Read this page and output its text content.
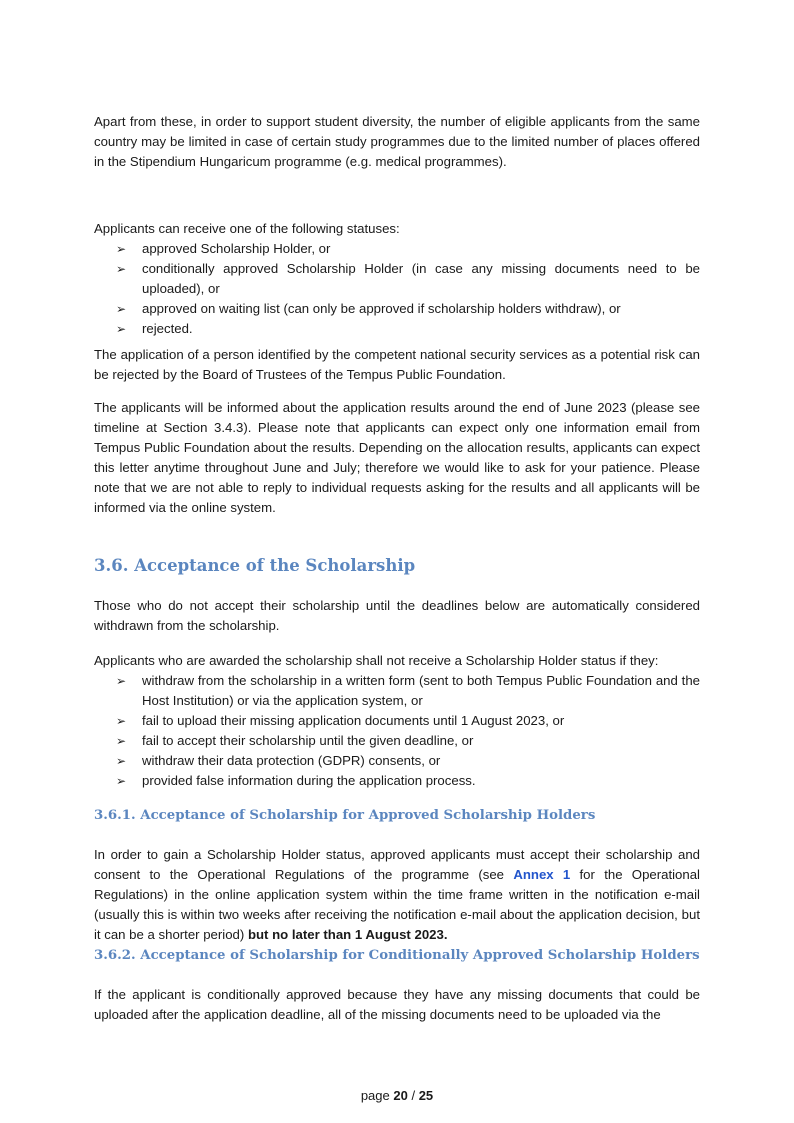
Apart from these, in order to support student diversity, the number of eligible applicants from the same country may be limited in case of certain study programmes due to the limited number of places offered in the Stipendium Hungaricum programme (e.g. medical programmes).

Applicants can receive one of the following statuses:

➢ approved Scholarship Holder, or
➢ conditionally approved Scholarship Holder (in case any missing documents need to be uploaded), or
➢ approved on waiting list (can only be approved if scholarship holders withdraw), or
➢ rejected.

The application of a person identified by the competent national security services as a potential risk can be rejected by the Board of Trustees of the Tempus Public Foundation.

The applicants will be informed about the application results around the end of June 2023 (please see timeline at Section 3.4.3). Please note that applicants can expect only one information email from Tempus Public Foundation about the results. Depending on the allocation results, applicants can expect this letter anytime throughout June and July; therefore we would like to ask for your patience. Please note that we are not able to reply to individual requests asking for the results and all applicants will be informed via the online system.

3.6. Acceptance of the Scholarship

Those who do not accept their scholarship until the deadlines below are automatically considered withdrawn from the scholarship.

Applicants who are awarded the scholarship shall not receive a Scholarship Holder status if they:

➢ withdraw from the scholarship in a written form (sent to both Tempus Public Foundation and the Host Institution) or via the application system, or
➢ fail to upload their missing application documents until 1 August 2023, or
➢ fail to accept their scholarship until the given deadline, or
➢ withdraw their data protection (GDPR) consents, or
➢ provided false information during the application process.
3.6.1. Acceptance of Scholarship for Approved Scholarship Holders

In order to gain a Scholarship Holder status, approved applicants must accept their scholarship and consent to the Operational Regulations of the programme (see Annex 1 for the Operational Regulations) in the online application system within the time frame written in the notification e-mail (usually this is within two weeks after receiving the notification e-mail about the application decision, but it can be a shorter period) but no later than 1 August 2023.

3.6.2. Acceptance of Scholarship for Conditionally Approved Scholarship Holders

If the applicant is conditionally approved because they have any missing documents that could be uploaded after the application deadline, all of the missing documents need to be uploaded via the

page 20 / 25
